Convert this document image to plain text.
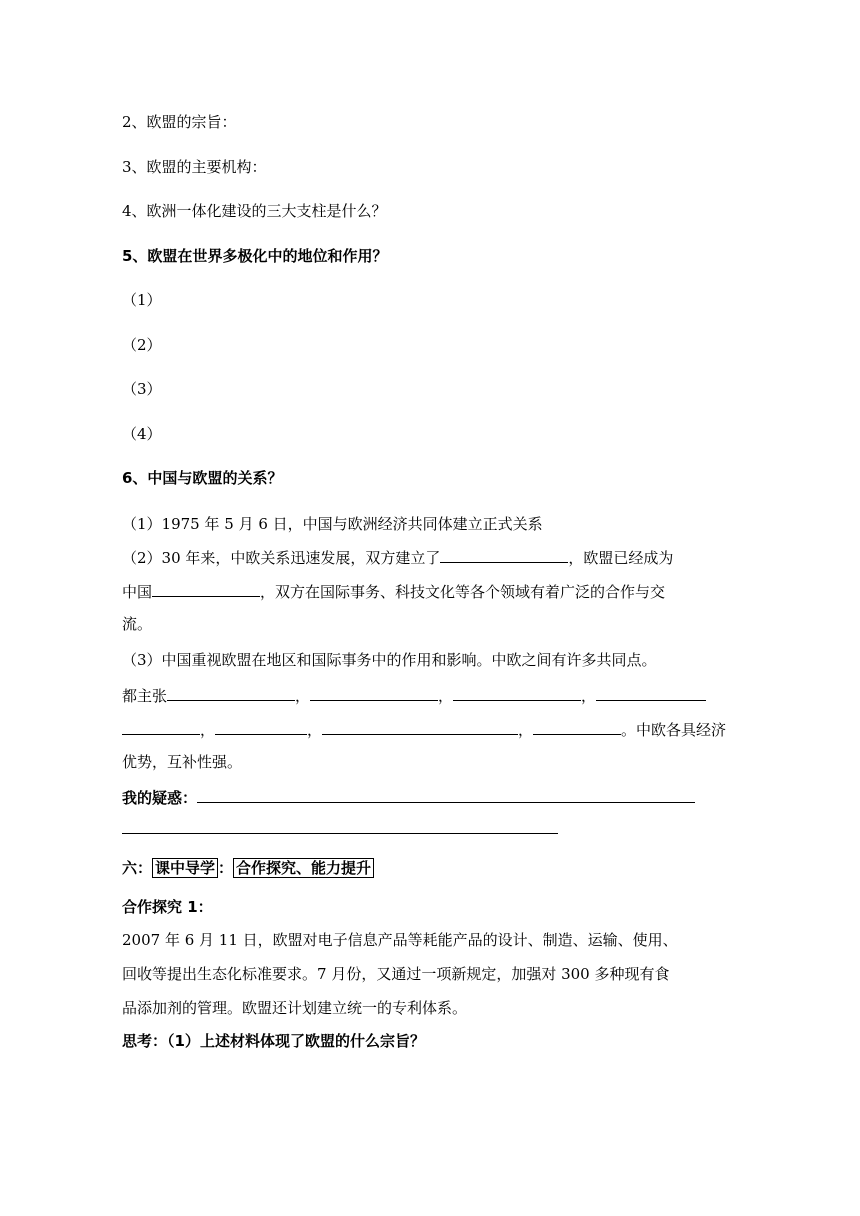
2、欧盟的宗旨：
3、欧盟的主要机构：
4、欧洲一体化建设的三大支柱是什么？
5、欧盟在世界多极化中的地位和作用？
（1）
（2）
（3）
（4）
6、中国与欧盟的关系？
（1）1975 年 5 月 6 日，中国与欧洲经济共同体建立正式关系
（2）30 年来，中欧关系迅速发展，双方建立了	，欧盟已经成为
中国	，双方在国际事务、科技文化等各个领域有着广泛的合作与交
流。
（3）中国重视欧盟在地区和国际事务中的作用和影响。中欧之间有许多共同点。
都主张	，	，	，
，	，	，	。中欧各具经济
优势，互补性强。
我的疑惑：
六： 课中导学 ： 合作探究、能力提升
合作探究 1：
2007 年 6 月 11 日，欧盟对电子信息产品等耗能产品的设计、制造、运输、使用、
回收等提出生态化标准要求。7 月份，又通过一项新规定，加强对 300 多种现有食
品添加剂的管理。欧盟还计划建立统一的专利体系。
思考：（1）上述材料体现了欧盟的什么宗旨？
